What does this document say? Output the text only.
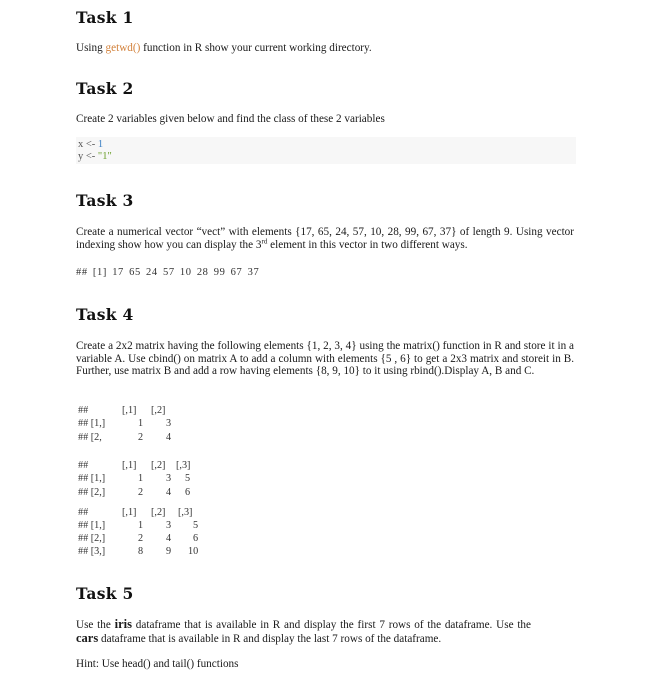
Task 1

Using getwd() function in R show your current working directory.

Task 2

Create 2 variables given below and find the class of these 2 variables

x <- 1
y <- "1"
Task 3

Create a numerical vector “vect” with elements {17, 65, 24, 57, 10, 28, 99, 67, 37} of length 9. Using vector indexing show how you can display the 3rd element in this vector in two different ways.

## [1] 17 65 24 57 10 28 99 67 37
Task 4

Create a 2x2 matrix having the following elements {1, 2, 3, 4} using the matrix() function in R and store it in a variable A. Use cbind() on matrix A to add a column with elements {5 , 6} to get a 2x3 matrix and storeit in B. Further, use matrix B and add a row having elements {8, 9, 10} to it using rbind().Display A, B and C.

##	[,1] [,2]
## [1,]	1 3
## [2,	2 4
##	[,1] [,2] [,3]
## [1,]	1 3 5
## [2,]	2 4 6
##	[,1] [,2] [,3]
## [1,]	1 3 5
## [2,]	2 4 6
## [3,]	8 9 10
Task 5

Use the iris dataframe that is available in R and display the first 7 rows of the dataframe. Use the cars dataframe that is available in R and display the last 7 rows of the dataframe.

Hint: Use head() and tail() functions
